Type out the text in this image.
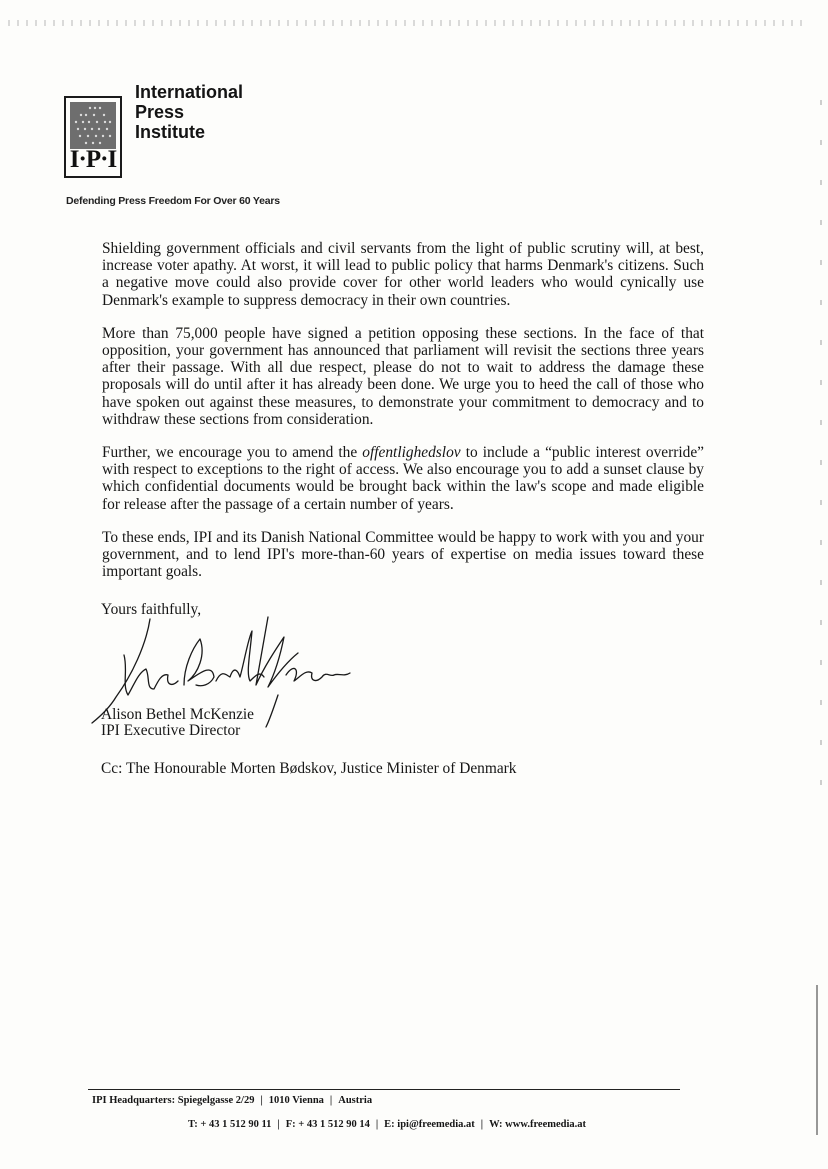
I·P·I
International
Press
Institute
Defending Press Freedom For Over 60 Years

Shielding government officials and civil servants from the light of public scrutiny will, at best, increase voter apathy. At worst, it will lead to public policy that harms Denmark's citizens. Such a negative move could also provide cover for other world leaders who would cynically use Denmark's example to suppress democracy in their own countries.

More than 75,000 people have signed a petition opposing these sections. In the face of that opposition, your government has announced that parliament will revisit the sections three years after their passage. With all due respect, please do not to wait to address the damage these proposals will do until after it has already been done. We urge you to heed the call of those who have spoken out against these measures, to demonstrate your commitment to democracy and to withdraw these sections from consideration.

Further, we encourage you to amend the offentlighedslov to include a “public interest override” with respect to exceptions to the right of access. We also encourage you to add a sunset clause by which confidential documents would be brought back within the law's scope and made eligible for release after the passage of a certain number of years.

To these ends, IPI and its Danish National Committee would be happy to work with you and your government, and to lend IPI's more-than-60 years of expertise on media issues toward these important goals.

Yours faithfully,
Alison Bethel McKenzie
IPI Executive Director
Cc: The Honourable Morten Bødskov, Justice Minister of Denmark
IPI Headquarters: Spiegelgasse 2/29 | 1010 Vienna | Austria
T: + 43 1 512 90 11 | F: + 43 1 512 90 14 | E: ipi@freemedia.at | W: www.freemedia.at
